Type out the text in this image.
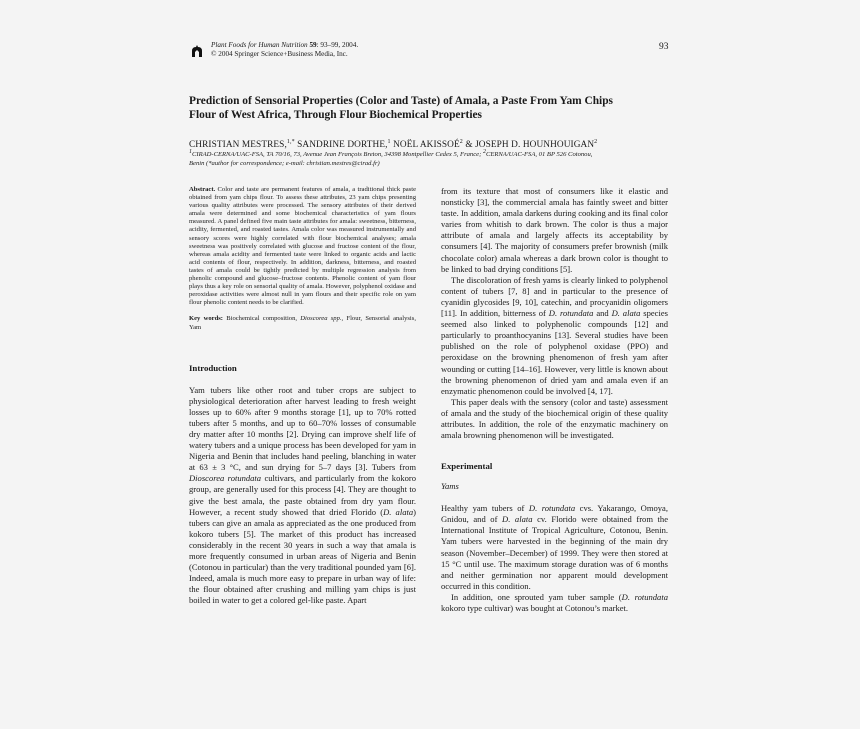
Plant Foods for Human Nutrition 59: 93–99, 2004.
© 2004 Springer Science+Business Media, Inc.
93
Prediction of Sensorial Properties (Color and Taste) of Amala, a Paste From Yam Chips
Flour of West Africa, Through Flour Biochemical Properties
CHRISTIAN MESTRES,$^{1,*}$ SANDRINE DORTHE,$^1$ NOËL AKISSOÉ$^2$ & JOSEPH D. HOUNHOUIGAN$^2$
$^1$CIRAD-CERNA/UAC-FSA, TA 70/16, 73, Avenue Jean François Breton, 34398 Montpellier Cedex 5, France; $^2$CERNA/UAC-FSA, 01 BP 526 Cotonou,
Benin (*author for correspondence; e-mail: christian.mestres@cirad.fr)

Abstract. Color and taste are permanent features of amala, a traditional thick paste obtained from yam chips flour. To assess these attributes, 23 yam chips presenting various quality attributes were processed. The sensory attributes of their derived amala were determined and some biochemical characteristics of yam flours measured. A panel defined five main taste attributes for amala: sweetness, bitterness, acidity, fermented, and roasted tastes. Amala color was measured instrumentally and sensory scores were highly correlated with flour biochemical analyses; amala sweetness was positively correlated with glucose and fructose content of the flour, whereas amala acidity and fermented taste were linked to organic acids and lactic acid contents of flour, respectively. In addition, darkness, bitterness, and roasted tastes of amala could be tightly predicted by multiple regression analysis from phenolic compound and glucose–fructose contents. Phenolic content of yam flour plays thus a key role on sensorial quality of amala. However, polyphenol oxidase and peroxidase activities were almost null in yam flours and their specific role on yam flour phenolic content needs to be clarified.

Key words: Biochemical composition, Dioscorea spp., Flour, Sensorial analysis, Yam

Introduction

Yam tubers like other root and tuber crops are subject to physiological deterioration after harvest leading to fresh weight losses up to 60% after 9 months storage [1], up to 70% rotted tubers after 5 months, and up to 60–70% losses of consumable dry matter after 10 months [2]. Drying can improve shelf life of watery tubers and a unique process has been developed for yam in Nigeria and Benin that includes hand peeling, blanching in water at 63 ± 3 °C, and sun drying for 5–7 days [3]. Tubers from Dioscorea rotundata cultivars, and particularly from the kokoro group, are generally used for this process [4]. They are thought to give the best amala, the paste obtained from dry yam flour. However, a recent study showed that dried Florido (D. alata) tubers can give an amala as appreciated as the one produced from kokoro tubers [5]. The market of this product has increased considerably in the recent 30 years in such a way that amala is more frequently consumed in urban areas of Nigeria and Benin (Cotonou in particular) than the very traditional pounded yam [6]. Indeed, amala is much more easy to prepare in urban way of life: the flour obtained after crushing and milling yam chips is just boiled in water to get a colored gel-like paste. Apart

from its texture that most of consumers like it elastic and nonsticky [3], the commercial amala has faintly sweet and bitter taste. In addition, amala darkens during cooking and its final color varies from whitish to dark brown. The color is thus a major attribute of amala and largely affects its acceptability by consumers [4]. The majority of consumers prefer brownish (milk chocolate color) amala whereas a dark brown color is thought to be linked to bad drying conditions [5].

The discoloration of fresh yams is clearly linked to polyphenol content of tubers [7, 8] and in particular to the presence of cyanidin glycosides [9, 10], catechin, and procyanidin oligomers [11]. In addition, bitterness of D. rotundata and D. alata species seemed also linked to polyphenolic compounds [12] and particularly to proanthocyanins [13]. Several studies have been published on the role of polyphenol oxidase (PPO) and peroxidase on the browning phenomenon of fresh yam after wounding or cutting [14–16]. However, very little is known about the browning phenomenon of dried yam and amala even if an enzymatic phenomenon could be involved [4, 17].

This paper deals with the sensory (color and taste) assessment of amala and the study of the biochemical origin of these quality attributes. In addition, the role of the enzymatic machinery on amala browning phenomenon will be investigated.

Experimental

Yams

Healthy yam tubers of D. rotundata cvs. Yakarango, Omoya, Gnidou, and of D. alata cv. Florido were obtained from the International Institute of Tropical Agriculture, Cotonou, Benin. Yam tubers were harvested in the beginning of the main dry season (November–December) of 1999. They were then stored at 15 °C until use. The maximum storage duration was of 6 months and neither germination nor apparent mould development occurred in this condition.

In addition, one sprouted yam tuber sample (D. rotundata kokoro type cultivar) was bought at Cotonou’s market.
